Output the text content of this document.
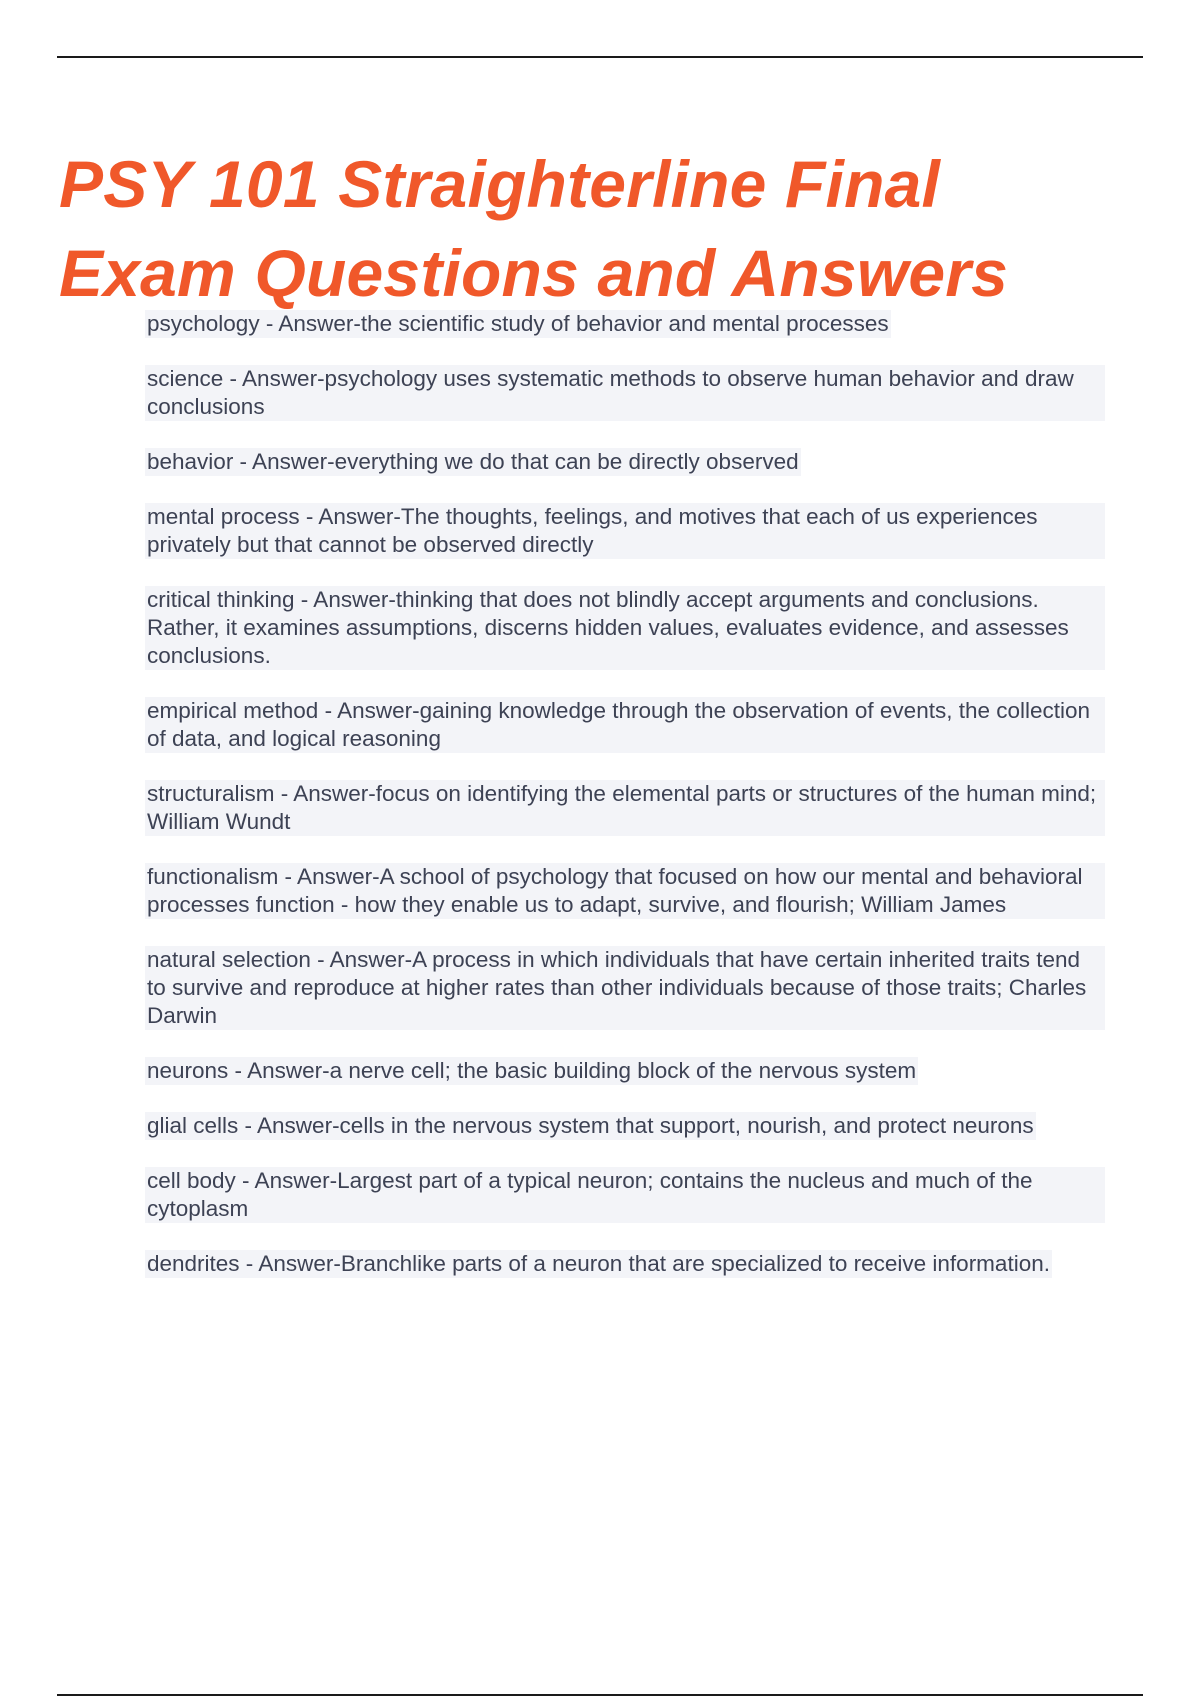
PSY 101 Straighterline Final
Exam Questions and Answers
psychology - Answer-the scientific study of behavior and mental processes
science - Answer-psychology uses systematic methods to observe human behavior and draw conclusions
behavior - Answer-everything we do that can be directly observed
mental process - Answer-The thoughts, feelings, and motives that each of us experiences privately but that cannot be observed directly
critical thinking - Answer-thinking that does not blindly accept arguments and conclusions. Rather, it examines assumptions, discerns hidden values, evaluates evidence, and assesses conclusions.
empirical method - Answer-gaining knowledge through the observation of events, the collection of data, and logical reasoning
structuralism - Answer-focus on identifying the elemental parts or structures of the human mind; William Wundt
functionalism - Answer-A school of psychology that focused on how our mental and behavioral processes function - how they enable us to adapt, survive, and flourish; William James
natural selection - Answer-A process in which individuals that have certain inherited traits tend to survive and reproduce at higher rates than other individuals because of those traits; Charles Darwin
neurons - Answer-a nerve cell; the basic building block of the nervous system
glial cells - Answer-cells in the nervous system that support, nourish, and protect neurons
cell body - Answer-Largest part of a typical neuron; contains the nucleus and much of the cytoplasm
dendrites - Answer-Branchlike parts of a neuron that are specialized to receive information.
